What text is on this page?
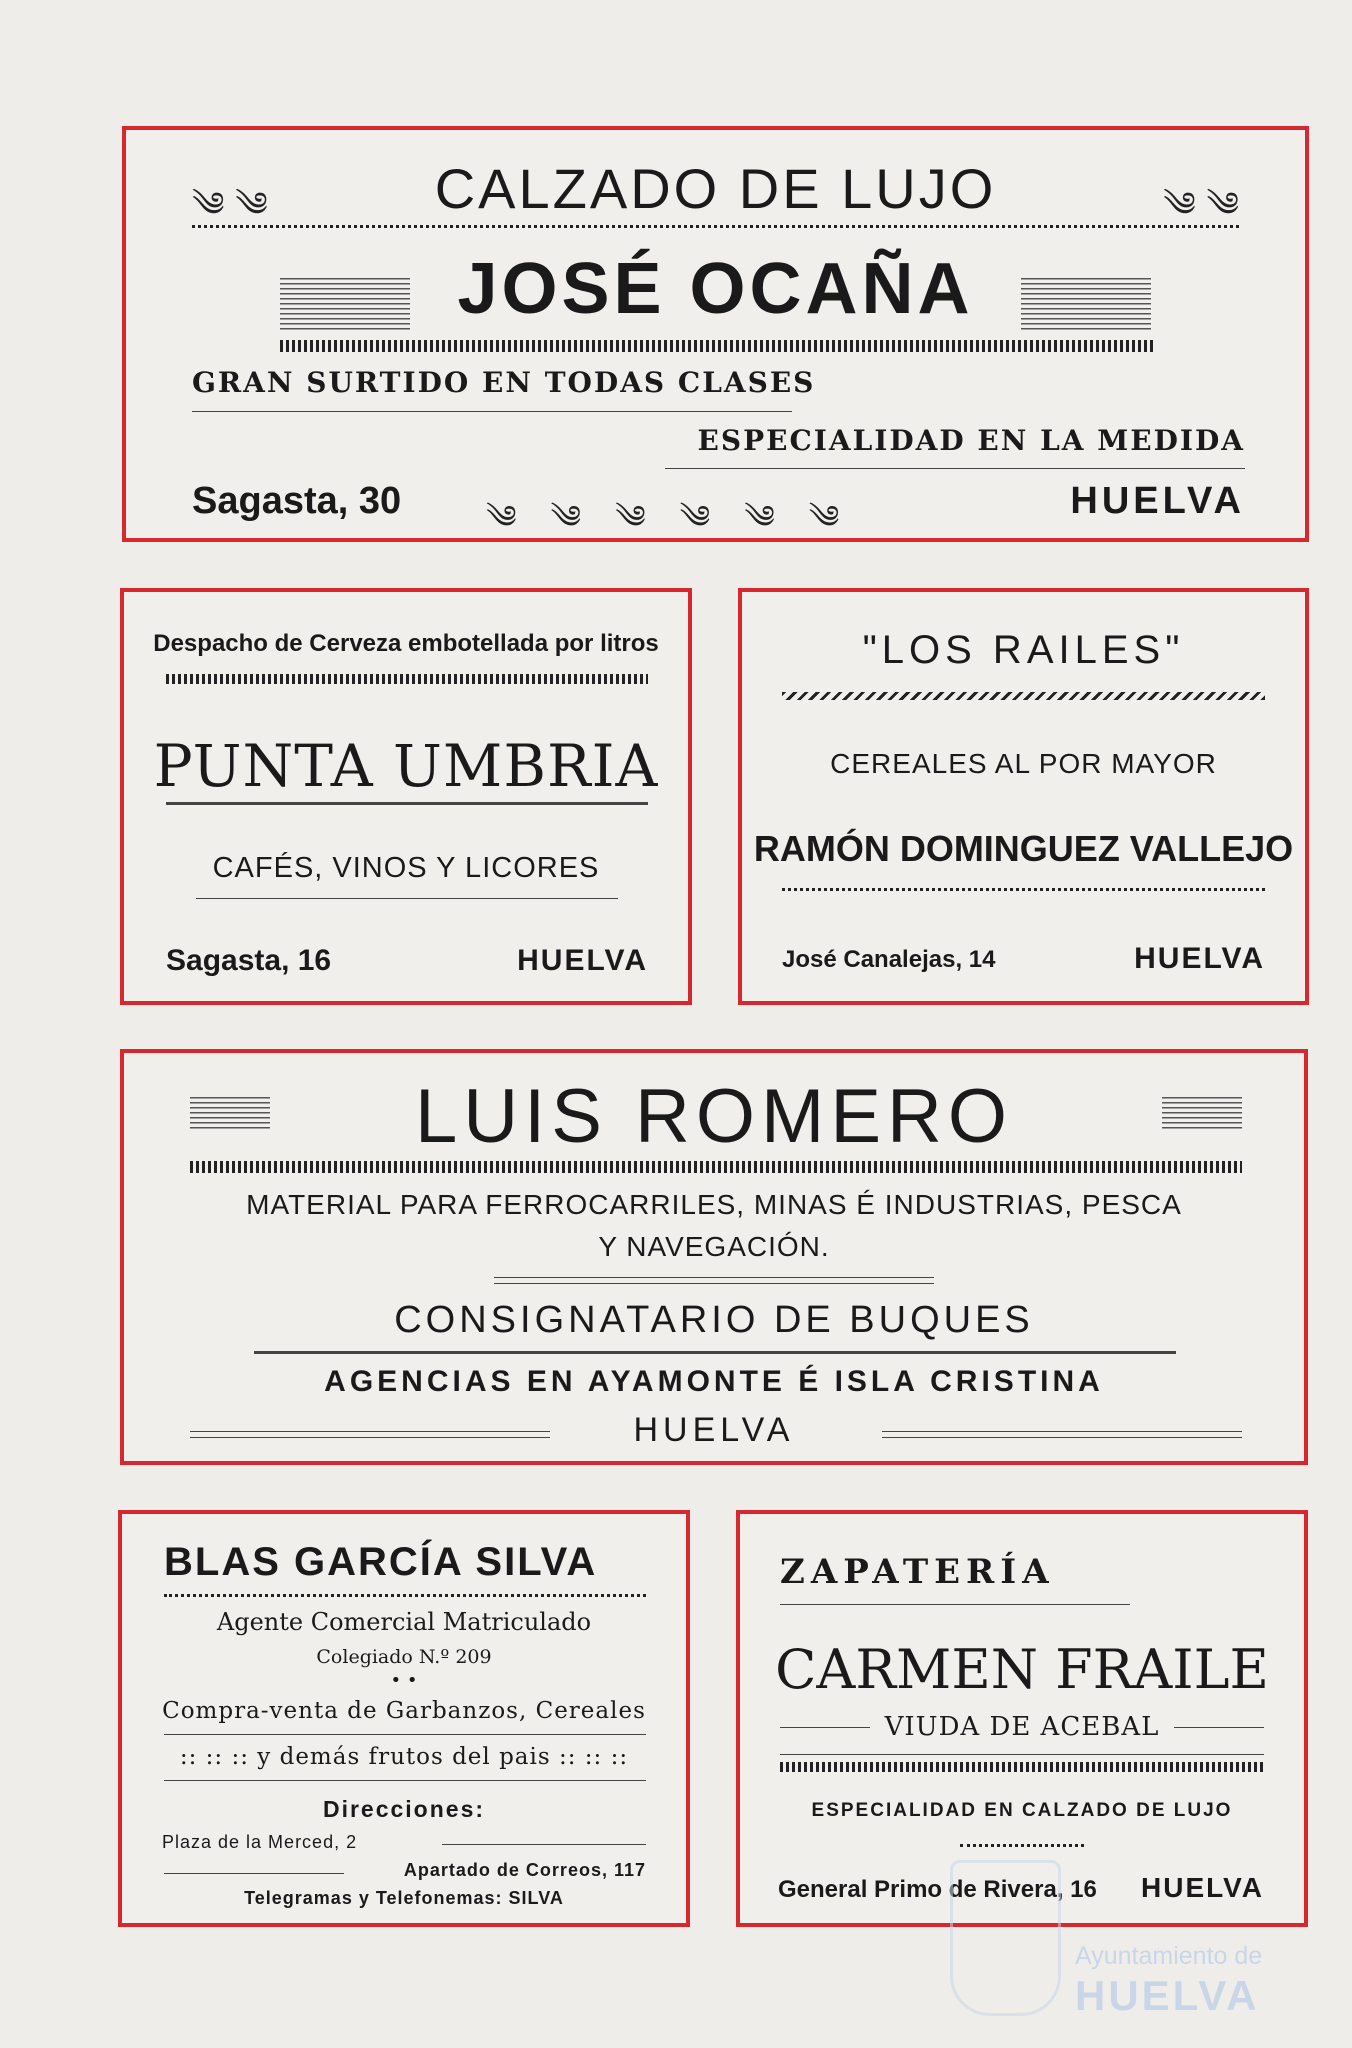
༄ ༄	༄ ༄
CALZADO DE LUJO
JOSÉ OCAÑA
GRAN SURTIDO EN TODAS CLASES
ESPECIALIDAD EN LA MEDIDA
Sagasta, 30	༄༄༄༄༄༄	HUELVA
Despacho de Cerveza embotellada por litros
PUNTA UMBRIA
CAFÉS, VINOS Y LICORES
Sagasta, 16	HUELVA
"LOS RAILES"
CEREALES AL POR MAYOR
RAMÓN DOMINGUEZ VALLEJO
José Canalejas, 14	HUELVA
LUIS ROMERO
MATERIAL PARA FERROCARRILES, MINAS É INDUSTRIAS, PESCA
Y NAVEGACIÓN.
CONSIGNATARIO DE BUQUES
AGENCIAS EN AYAMONTE É ISLA CRISTINA
HUELVA
BLAS GARCÍA SILVA
Agente Comercial Matriculado
Colegiado N.º 209
• •
Compra-venta de Garbanzos, Cereales
:: :: :: y demás frutos del pais :: :: ::
Direcciones:
Plaza de la Merced, 2
Apartado de Correos, 117
Telegramas y Telefonemas: SILVA
ZAPATERÍA
CARMEN FRAILE
VIUDA DE ACEBAL
ESPECIALIDAD EN CALZADO DE LUJO
General Primo de Rivera, 16 HUELVA
Ayuntamiento de
HUELVA
